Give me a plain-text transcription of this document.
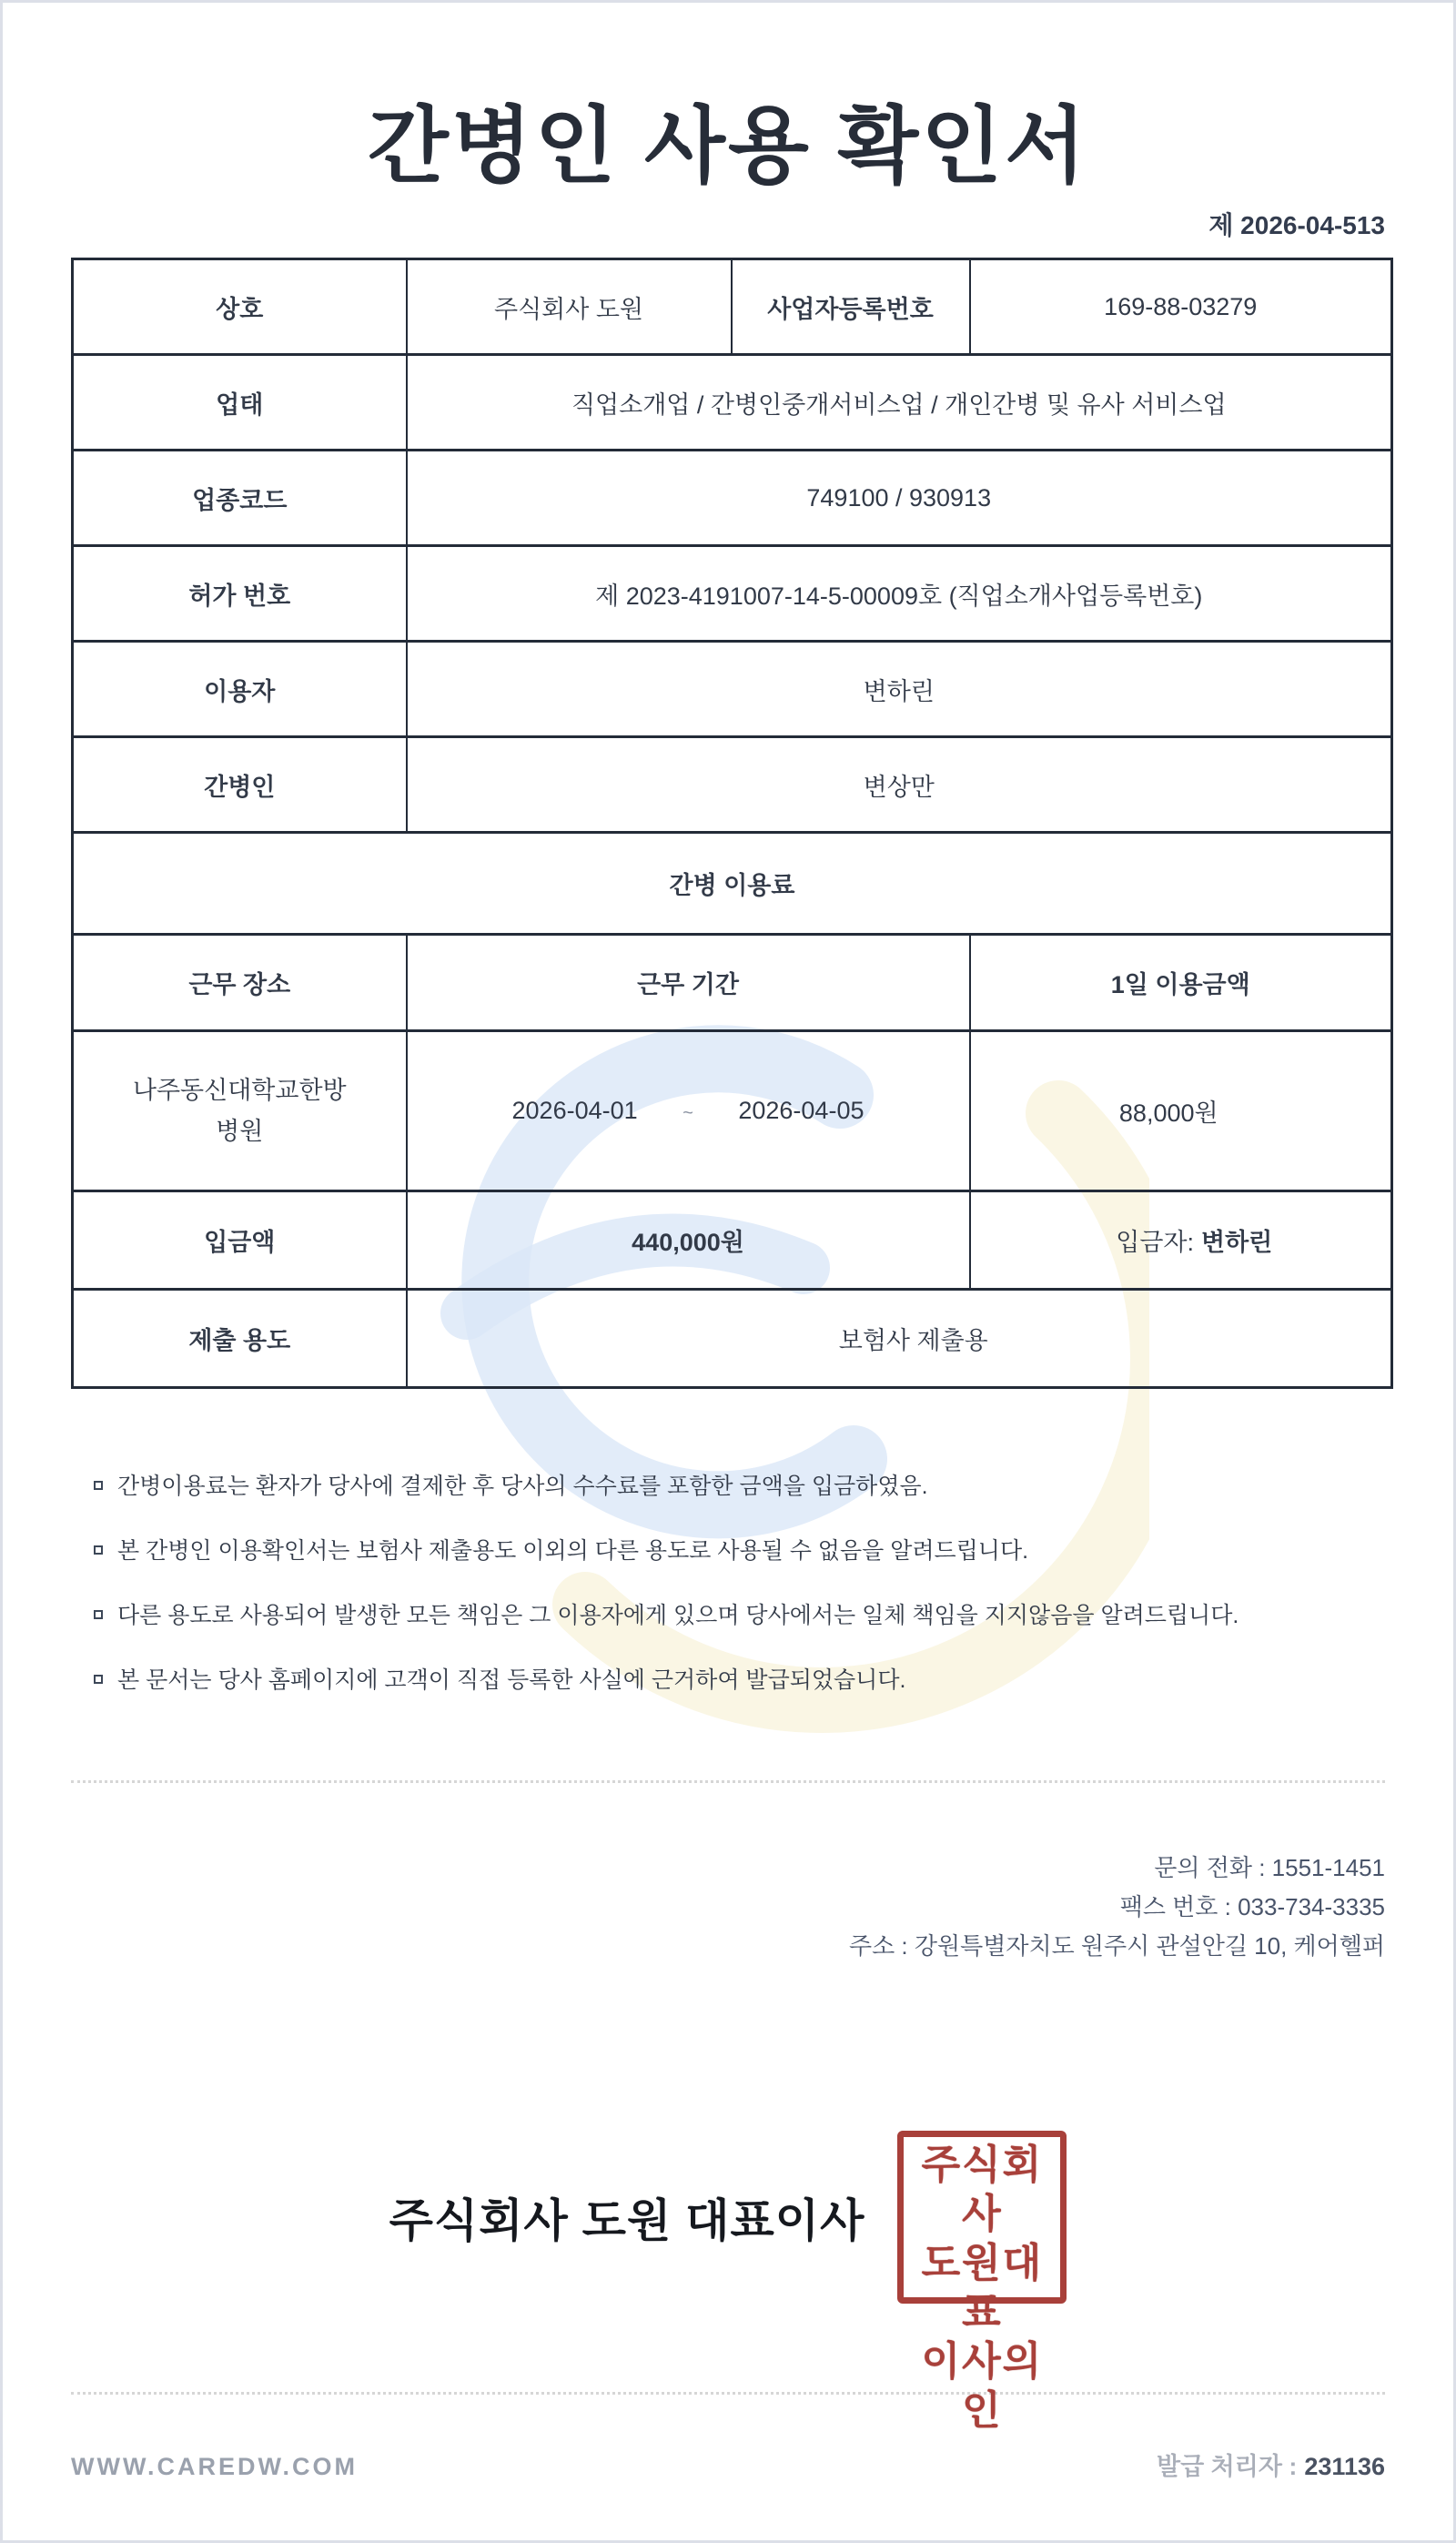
간병인 사용 확인서
제 2026-04-513
상호	주식회사 도원	사업자등록번호	169-88-03279
업태	직업소개업 / 간병인중개서비스업 / 개인간병 및 유사 서비스업		
업종코드	749100 / 930913		
허가 번호	제 2023-4191007-14-5-00009호 (직업소개사업등록번호)		
이용자	변하린		
간병인	변상만		
간병 이용료			
근무 장소	근무 기간		1일 이용금액
나주동신대학교한방병원	2026-04-01 ~ 2026-04-05		88,000원
입금액	440,000원		입금자: 변하린
제출 용도	보험사 제출용		
간병이용료는 환자가 당사에 결제한 후 당사의 수수료를 포함한 금액을 입금하였음.
본 간병인 이용확인서는 보험사 제출용도 이외의 다른 용도로 사용될 수 없음을 알려드립니다.
다른 용도로 사용되어 발생한 모든 책임은 그 이용자에게 있으며 당사에서는 일체 책임을 지지않음을 알려드립니다.
본 문서는 당사 홈페이지에 고객이 직접 등록한 사실에 근거하여 발급되었습니다.
문의 전화 : 1551-1451
팩스 번호 : 033-734-3335
주소 : 강원특별자치도 원주시 관설안길 10, 케어헬퍼
주식회사 도원 대표이사
주식회사
도원대표
이사의인
WWW.CAREDW.COM	발급 처리자 : 231136
